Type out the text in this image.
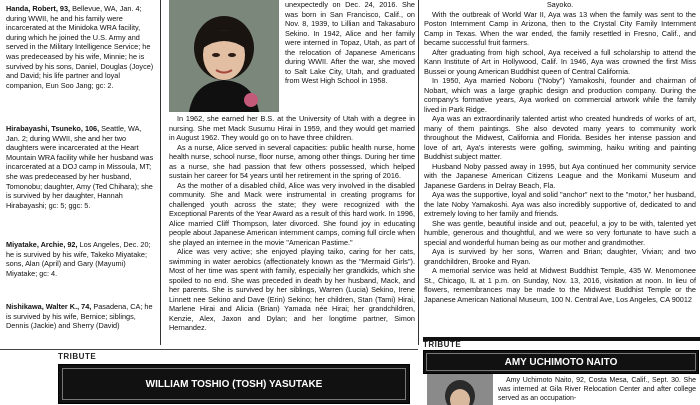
Handa, Robert, 93, Bellevue, WA, Jan. 4; during WWII, he and his family were incarcerated at the Minidoka WRA facility, during which he joined the U.S. Army and served in the Military Intelligence Service; he was predeceased by his wife, Minnie; he is survived by his sons, Daniel, Douglas (Joyce) and David; his life partner and loyal companion, Eun Soo Jang; gc: 2.

Hirabayashi, Tsuneko, 106, Seattle, WA, Jan. 2; during WWII, she and her two daughters were incarcerated at the Heart Mountain WRA facility while her husband was incarcerated at a DOJ camp in Missoula, MT; she was predeceased by her husband, Tomonobu; daughter, Amy (Ted Chihara); she is survived by her daughter, Hannah Hirabayashi; gc: 5; ggc: 5.

Miyatake, Archie, 92, Los Angeles, Dec. 20; he is survived by his wife, Takeko Miyatake; sons, Alan (April) and Gary (Mayumi) Miyatake; gc: 4.

Nishikawa, Walter K., 74, Pasadena, CA; he is survived by his wife, Bernice; siblings, Dennis (Jackie) and Sherry (David)

unexpectedly on Dec. 24, 2016. She was born in San Francisco, Calif., on Nov. 8, 1939, to Lillian and Takasaburo Sekino. In 1942, Alice and her family were interned in Topaz, Utah, as part of the relocation of Japanese Americans during WWII. After the war, she moved to Salt Lake City, Utah, and graduated from West High School in 1958.

In 1962, she earned her B.S. at the University of Utah with a degree in nursing. She met Mack Susumu Hirai in 1959, and they would get married in August 1962. They would go on to have three children.

As a nurse, Alice served in several capacities: public health nurse, home health nurse, school nurse, floor nurse, among other things. During her time as a nurse, she had passion that few others possessed, which helped sustain her career for 54 years until her retirement in the spring of 2016.

As the mother of a disabled child, Alice was very involved in the disabled community. She and Mack were instrumental in creating programs for challenged youth across the state; they were recognized with the Exceptional Parents of the Year Award as a result of this hard work. In 1996, Alice married Cliff Thompson, later divorced. She found joy in educating people about Japanese American internment camps, coming full circle when she played an internee in the movie "American Pastime."

Alice was very active; she enjoyed playing taiko, caring for her cats, swimming in water aerobics (affectionately known as the "Mermaid Girls"). Most of her time was spent with family, especially her grandkids, which she spoiled to no end. She was preceded in death by her husband, Mack, and her parents. She is survived by her siblings, Warren (Lucia) Sekino, Irene Linnett nee Sekino and Dave (Erin) Sekino; her children, Stan (Tami) Hirai, Marlene Hirai and Alicia (Brian) Yamada née Hirai; her grandchildren, Kenzie, Alex, Jaxon and Dylan; and her longtime partner, Simon Hernandez.

Sayoko.

With the outbreak of World War II, Aya was 13 when the family was sent to the Poston Internment Camp in Arizona, then to the Crystal City Family Internment Camp in Texas. When the war ended, the family resettled in Fresno, Calif., and became successful fruit farmers.

After graduating from high school, Aya received a full scholarship to attend the Kann Institute of Art in Hollywood, Calif. In 1946, Aya was crowned the first Miss Bussei or young American Buddhist queen of Central California.

In 1950, Aya married Noboru ("Noby") Yamakoshi, founder and chairman of Nobart, which was a large graphic design and production company. During the company's formative years, Aya worked on commercial artwork while the family lived in Park Ridge.

Aya was an extraordinarily talented artist who created hundreds of works of art, many of them paintings. She also devoted many years to community work throughout the Midwest, California and Florida. Besides her intense passion and love of art, Aya's interests were golfing, swimming, haiku writing and painting Buddhist subject matter.

Husband Noby passed away in 1995, but Aya continued her community service with the Japanese American Citizens League and the Morikami Museum and Japanese Gardens in Delray Beach, Fla.

Aya was the supportive, loyal and solid "anchor" next to the "motor," her husband, the late Noby Yamakoshi. Aya was also incredibly supportive of, dedicated to and extremely loving to her family and friends.

She was gentle, beautiful inside and out, peaceful, a joy to be with, talented yet humble, generous and thoughtful, and we were so very fortunate to have such a special and wonderful human being as our mother and grandmother.

Aya is survived by her sons, Warren and Brian; daughter, Vivian; and two grandchildren, Brooke and Ryan.

A memorial service was held at Midwest Buddhist Temple, 435 W. Menomonee St., Chicago, IL at 1 p.m. on Sunday, Nov. 13, 2016, visitation at noon. In lieu of flowers, remembrances may be made to the Midwest Buddhist Temple or the Japanese American National Museum, 100 N. Central Ave, Los Angeles, CA 90012

TRIBUTE
WILLIAM TOSHIO (TOSH) YASUTAKE
TRIBUTE
AMY UCHIMOTO NAITO

Amy Uchimoto Naito, 92, Costa Mesa, Calif., Sept. 30. She was interned at Gila River Relocation Center and after college served as an occupation-
